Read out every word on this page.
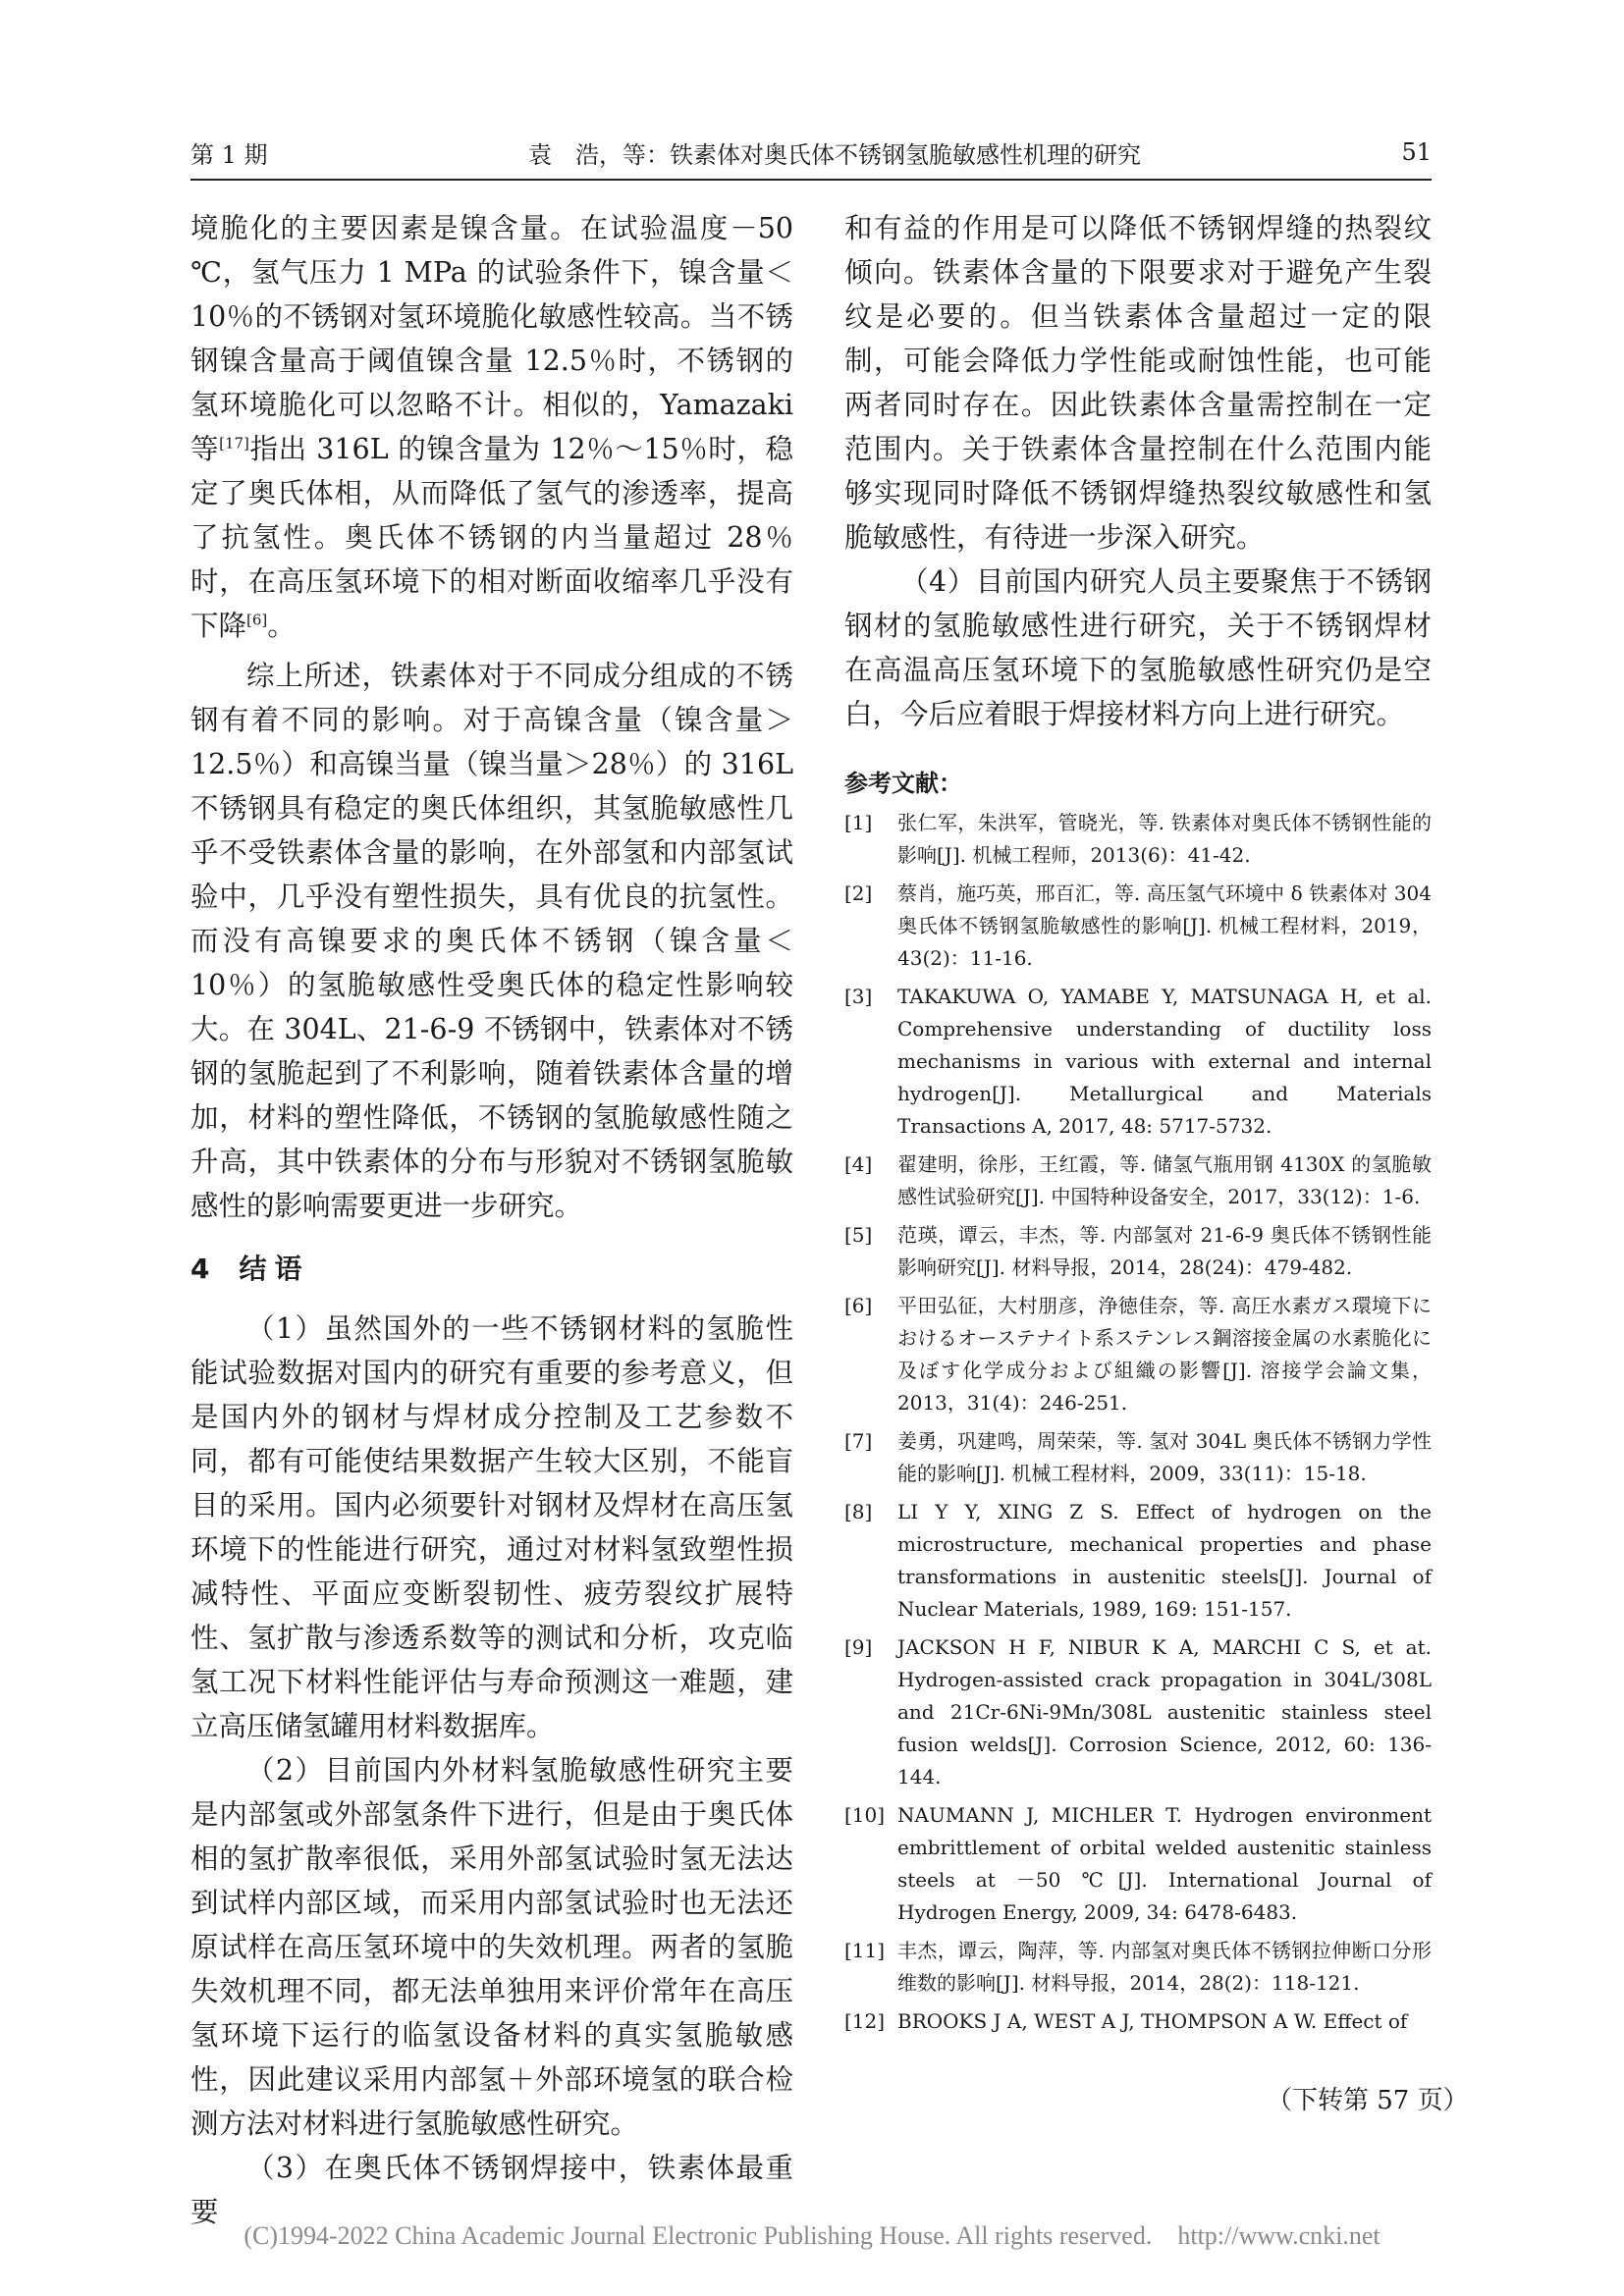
第 1 期	袁　浩，等：铁素体对奥氏体不锈钢氢脆敏感性机理的研究	51

境脆化的主要因素是镍含量。在试验温度－50 ℃，氢气压力 1 MPa 的试验条件下，镍含量＜10％的不锈钢对氢环境脆化敏感性较高。当不锈钢镍含量高于阈值镍含量 12.5％时，不锈钢的氢环境脆化可以忽略不计。相似的，Yamazaki 等[17]指出 316L 的镍含量为 12％～15％时，稳定了奥氏体相，从而降低了氢气的渗透率，提高了抗氢性。奥氏体不锈钢的内当量超过 28％时，在高压氢环境下的相对断面收缩率几乎没有下降[6]。

综上所述，铁素体对于不同成分组成的不锈钢有着不同的影响。对于高镍含量（镍含量＞12.5％）和高镍当量（镍当量＞28％）的 316L 不锈钢具有稳定的奥氏体组织，其氢脆敏感性几乎不受铁素体含量的影响，在外部氢和内部氢试验中，几乎没有塑性损失，具有优良的抗氢性。而没有高镍要求的奥氏体不锈钢（镍含量＜10％）的氢脆敏感性受奥氏体的稳定性影响较大。在 304L、21-6-9 不锈钢中，铁素体对不锈钢的氢脆起到了不利影响，随着铁素体含量的增加，材料的塑性降低，不锈钢的氢脆敏感性随之升高，其中铁素体的分布与形貌对不锈钢氢脆敏感性的影响需要更进一步研究。

4 结语

（1）虽然国外的一些不锈钢材料的氢脆性能试验数据对国内的研究有重要的参考意义，但是国内外的钢材与焊材成分控制及工艺参数不同，都有可能使结果数据产生较大区别，不能盲目的采用。国内必须要针对钢材及焊材在高压氢环境下的性能进行研究，通过对材料氢致塑性损减特性、平面应变断裂韧性、疲劳裂纹扩展特性、氢扩散与渗透系数等的测试和分析，攻克临氢工况下材料性能评估与寿命预测这一难题，建立高压储氢罐用材料数据库。

（2）目前国内外材料氢脆敏感性研究主要是内部氢或外部氢条件下进行，但是由于奥氏体相的氢扩散率很低，采用外部氢试验时氢无法达到试样内部区域，而采用内部氢试验时也无法还原试样在高压氢环境中的失效机理。两者的氢脆失效机理不同，都无法单独用来评价常年在高压氢环境下运行的临氢设备材料的真实氢脆敏感性，因此建议采用内部氢＋外部环境氢的联合检测方法对材料进行氢脆敏感性研究。

（3）在奥氏体不锈钢焊接中，铁素体最重要

和有益的作用是可以降低不锈钢焊缝的热裂纹倾向。铁素体含量的下限要求对于避免产生裂纹是必要的。但当铁素体含量超过一定的限制，可能会降低力学性能或耐蚀性能，也可能两者同时存在。因此铁素体含量需控制在一定范围内。关于铁素体含量控制在什么范围内能够实现同时降低不锈钢焊缝热裂纹敏感性和氢脆敏感性，有待进一步深入研究。

（4）目前国内研究人员主要聚焦于不锈钢钢材的氢脆敏感性进行研究，关于不锈钢焊材在高温高压氢环境下的氢脆敏感性研究仍是空白，今后应着眼于焊接材料方向上进行研究。

参考文献：
[1]	张仁军，朱洪军，管晓光，等. 铁素体对奥氏体不锈钢性能的影响[J]. 机械工程师，2013(6)：41-42.
[2]	蔡肖，施巧英，邢百汇，等. 高压氢气环境中 δ 铁素体对 304 奥氏体不锈钢氢脆敏感性的影响[J]. 机械工程材料，2019，43(2)：11-16.
[3]	TAKAKUWA O, YAMABE Y, MATSUNAGA H, et al. Comprehensive understanding of ductility loss mechanisms in various with external and internal hydrogen[J]. Metallurgical and Materials Transactions A, 2017, 48: 5717-5732.
[4]	翟建明，徐彤，王红霞，等. 储氢气瓶用钢 4130X 的氢脆敏感性试验研究[J]. 中国特种设备安全，2017，33(12)：1-6.
[5]	范瑛，谭云，丰杰，等. 内部氢对 21-6-9 奥氏体不锈钢性能影响研究[J]. 材料导报，2014，28(24)：479-482.
[6]	平田弘征，大村朋彦，浄徳佳奈，等. 高圧水素ガス環境下におけるオーステナイト系ステンレス鋼溶接金属の水素脆化に及ぼす化学成分および組織の影響[J]. 溶接学会論文集，2013，31(4)：246-251.
[7]	姜勇，巩建鸣，周荣荣，等. 氢对 304L 奥氏体不锈钢力学性能的影响[J]. 机械工程材料，2009，33(11)：15-18.
[8]	LI Y Y, XING Z S. Effect of hydrogen on the microstructure, mechanical properties and phase transformations in austenitic steels[J]. Journal of Nuclear Materials, 1989, 169: 151-157.
[9]	JACKSON H F, NIBUR K A, MARCHI C S, et at. Hydrogen-assisted crack propagation in 304L/308L and 21Cr-6Ni-9Mn/308L austenitic stainless steel fusion welds[J]. Corrosion Science, 2012, 60: 136-144.
[10] NAUMANN J, MICHLER T. Hydrogen environment embrittlement of orbital welded austenitic stainless steels at －50 ℃[J]. International Journal of Hydrogen Energy, 2009, 34: 6478-6483.
[11] 丰杰，谭云，陶萍，等. 内部氢对奥氏体不锈钢拉伸断口分形维数的影响[J]. 材料导报，2014，28(2)：118-121.
[12] BROOKS J A, WEST A J, THOMPSON A W. Effect of
（下转第 57 页）
(C)1994-2022 China Academic Journal Electronic Publishing House. All rights reserved. http://www.cnki.net
